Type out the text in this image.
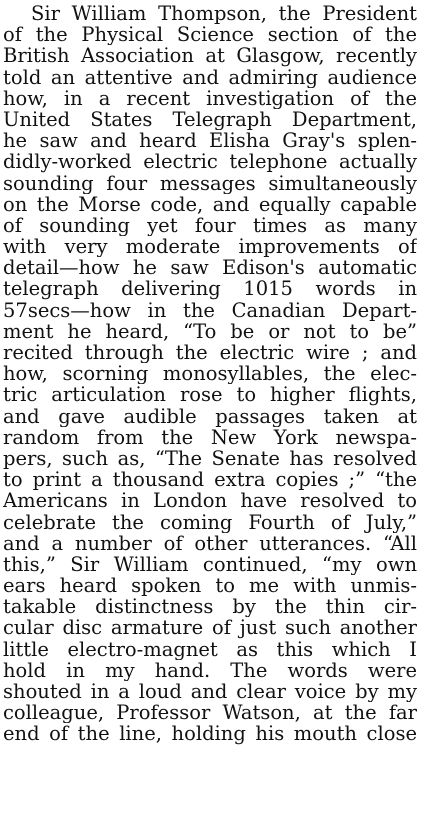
Sir William Thompson, the President
of the Physical Science section of the
British Association at Glasgow, recently
told an attentive and admiring audience
how, in a recent investigation of the
United States Telegraph Department,
he saw and heard Elisha Gray's splen-
didly-worked electric telephone actually
sounding four messages simultaneously
on the Morse code, and equally capable
of sounding yet four times as many
with very moderate improvements of
detail—how he saw Edison's automatic
telegraph delivering 1015 words in
57secs—how in the Canadian Depart-
ment he heard, “To be or not to be”
recited through the electric wire ; and
how, scorning monosyllables, the elec-
tric articulation rose to higher flights,
and gave audible passages taken at
random from the New York newspa-
pers, such as, “The Senate has resolved
to print a thousand extra copies ;” “the
Americans in London have resolved to
celebrate the coming Fourth of July,”
and a number of other utterances. “All
this,” Sir William continued, “my own
ears heard spoken to me with unmis-
takable distinctness by the thin cir-
cular disc armature of just such another
little electro-magnet as this which I
hold in my hand. The words were
shouted in a loud and clear voice by my
colleague, Professor Watson, at the far
end of the line, holding his mouth close
